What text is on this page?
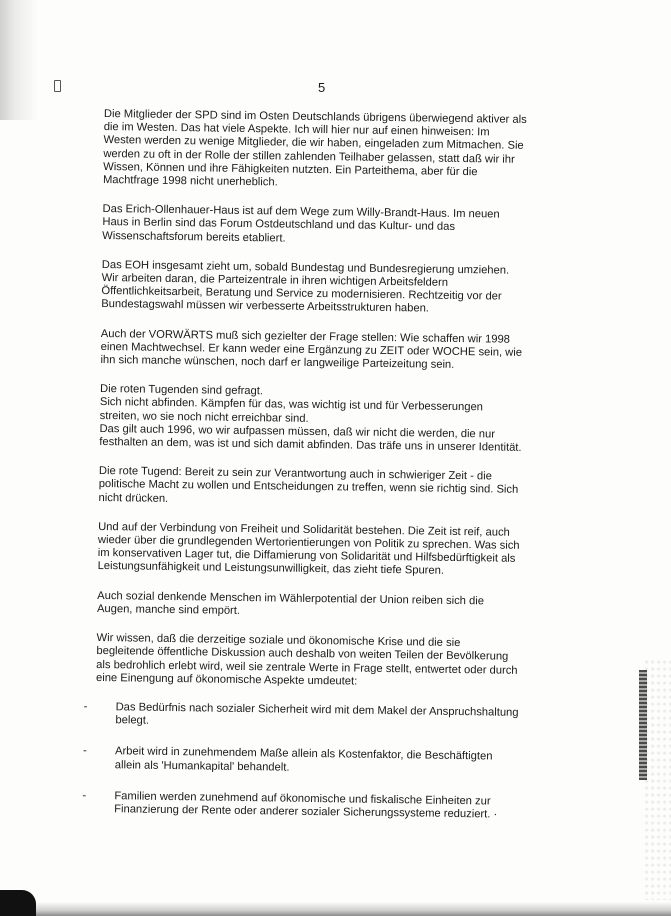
5

Die Mitglieder der SPD sind im Osten Deutschlands übrigens überwiegend aktiver als die im Westen. Das hat viele Aspekte. Ich will hier nur auf einen hinweisen: Im Westen werden zu wenige Mitglieder, die wir haben, eingeladen zum Mitmachen. Sie werden zu oft in der Rolle der stillen zahlenden Teilhaber gelassen, statt daß wir ihr Wissen, Können und ihre Fähigkeiten nutzten. Ein Parteithema, aber für die Machtfrage 1998 nicht unerheblich.

Das Erich-Ollenhauer-Haus ist auf dem Wege zum Willy-Brandt-Haus. Im neuen Haus in Berlin sind das Forum Ostdeutschland und das Kultur- und das Wissenschaftsforum bereits etabliert.

Das EOH insgesamt zieht um, sobald Bundestag und Bundesregierung umziehen. Wir arbeiten daran, die Parteizentrale in ihren wichtigen Arbeitsfeldern Öffentlichkeitsarbeit, Beratung und Service zu modernisieren. Rechtzeitig vor der Bundestagswahl müssen wir verbesserte Arbeitsstrukturen haben.

Auch der VORWÄRTS muß sich gezielter der Frage stellen: Wie schaffen wir 1998 einen Machtwechsel. Er kann weder eine Ergänzung zu ZEIT oder WOCHE sein, wie ihn sich manche wünschen, noch darf er langweilige Parteizeitung sein.

Die roten Tugenden sind gefragt.
Sich nicht abfinden. Kämpfen für das, was wichtig ist und für Verbesserungen streiten, wo sie noch nicht erreichbar sind.
Das gilt auch 1996, wo wir aufpassen müssen, daß wir nicht die werden, die nur festhalten an dem, was ist und sich damit abfinden. Das träfe uns in unserer Identität.

Die rote Tugend: Bereit zu sein zur Verantwortung auch in schwieriger Zeit - die politische Macht zu wollen und Entscheidungen zu treffen, wenn sie richtig sind. Sich nicht drücken.

Und auf der Verbindung von Freiheit und Solidarität bestehen. Die Zeit ist reif, auch wieder über die grundlegenden Wertorientierungen von Politik zu sprechen. Was sich im konservativen Lager tut, die Diffamierung von Solidarität und Hilfsbedürftigkeit als Leistungsunfähigkeit und Leistungsunwilligkeit, das zieht tiefe Spuren.

Auch sozial denkende Menschen im Wählerpotential der Union reiben sich die Augen, manche sind empört.

Wir wissen, daß die derzeitige soziale und ökonomische Krise und die sie begleitende öffentliche Diskussion auch deshalb von weiten Teilen der Bevölkerung als bedrohlich erlebt wird, weil sie zentrale Werte in Frage stellt, entwertet oder durch eine Einengung auf ökonomische Aspekte umdeutet:

-	Das Bedürfnis nach sozialer Sicherheit wird mit dem Makel der Anspruchshaltung belegt.
-	Arbeit wird in zunehmendem Maße allein als Kostenfaktor, die Beschäftigten allein als 'Humankapital' behandelt.
-	Familien werden zunehmend auf ökonomische und fiskalische Einheiten zur Finanzierung der Rente oder anderer sozialer Sicherungssysteme reduziert. ·
